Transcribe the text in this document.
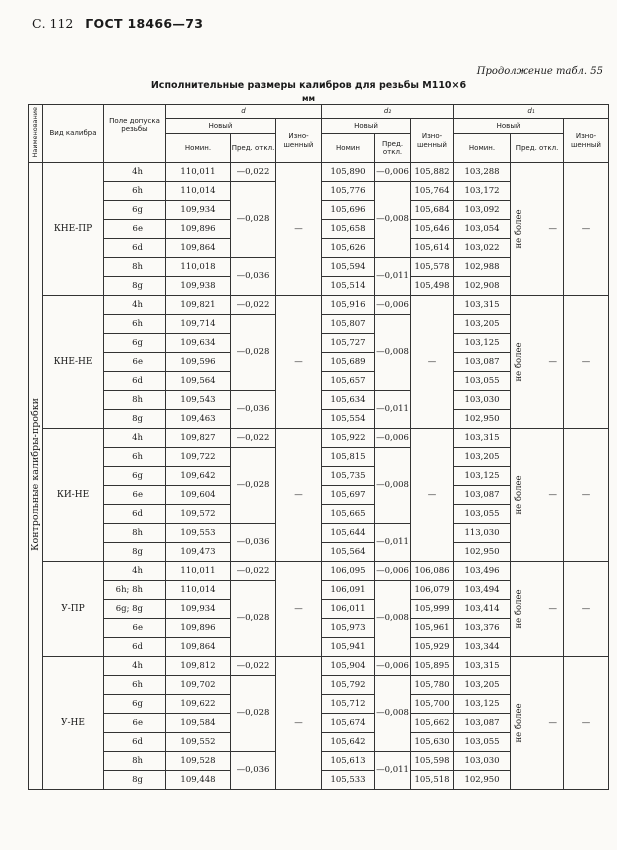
С. 112 ГОСТ 18466—73
Продолжение табл. 55
Исполнительные размеры калибров для резьбы М110×6
мм
Наименование	Вид калибра	Поле допуска резьбы	d			d₂			d₁		
			Новый		Изно-шенный	Новый		Изно-шенный	Новый		Изно-шенный
			Номин.	Пред. откл.		Номин	Пред. откл.		Номин.	Пред. откл.	
Контрольные калибры-пробки	КНЕ-ПР	4h	110,011	—0,022	—	105,890	—0,006	105,882	103,288	не более —	—
		6h	110,014	—0,028		105,776	—0,008	105,764	103,172		
		6g	109,934			105,696		105,684	103,092		
		6e	109,896			105,658		105,646	103,054		
		6d	109,864			105,626		105,614	103,022		
		8h	110,018	—0,036		105,594	—0,011	105,578	102,988		
		8g	109,938			105,514		105,498	102,908		
	КНЕ-НЕ	4h	109,821	—0,022	—	105,916	—0,006	—	103,315	не более —	—
		6h	109,714	—0,028		105,807	—0,008		103,205		
		6g	109,634			105,727			103,125		
		6e	109,596			105,689			103,087		
		6d	109,564			105,657			103,055		
		8h	109,543	—0,036		105,634	—0,011		103,030		
		8g	109,463			105,554			102,950		
	КИ-НЕ	4h	109,827	—0,022	—	105,922	—0,006	—	103,315	не более —	—
		6h	109,722	—0,028		105,815	—0,008		103,205		
		6g	109,642			105,735			103,125		
		6e	109,604			105,697			103,087		
		6d	109,572			105,665			103,055		
		8h	109,553	—0,036		105,644	—0,011		113,030		
		8g	109,473			105,564			102,950		
	У-ПР	4h	110,011	—0,022	—	106,095	—0,006	106,086	103,496	не более —	—
		6h; 8h	110,014	—0,028		106,091	—0,008	106,079	103,494		
		6g; 8g	109,934			106,011		105,999	103,414		
		6e	109,896			105,973		105,961	103,376		
		6d	109,864			105,941		105,929	103,344		
	У-НЕ	4h	109,812	—0,022	—	105,904	—0,006	105,895	103,315	не более —	—
		6h	109,702	—0,028		105,792	—0,008	105,780	103,205		
		6g	109,622			105,712		105,700	103,125		
		6e	109,584			105,674		105,662	103,087		
		6d	109,552			105,642		105,630	103,055		
		8h	109,528	—0,036		105,613	—0,011	105,598	103,030		
		8g	109,448			105,533		105,518	102,950		
